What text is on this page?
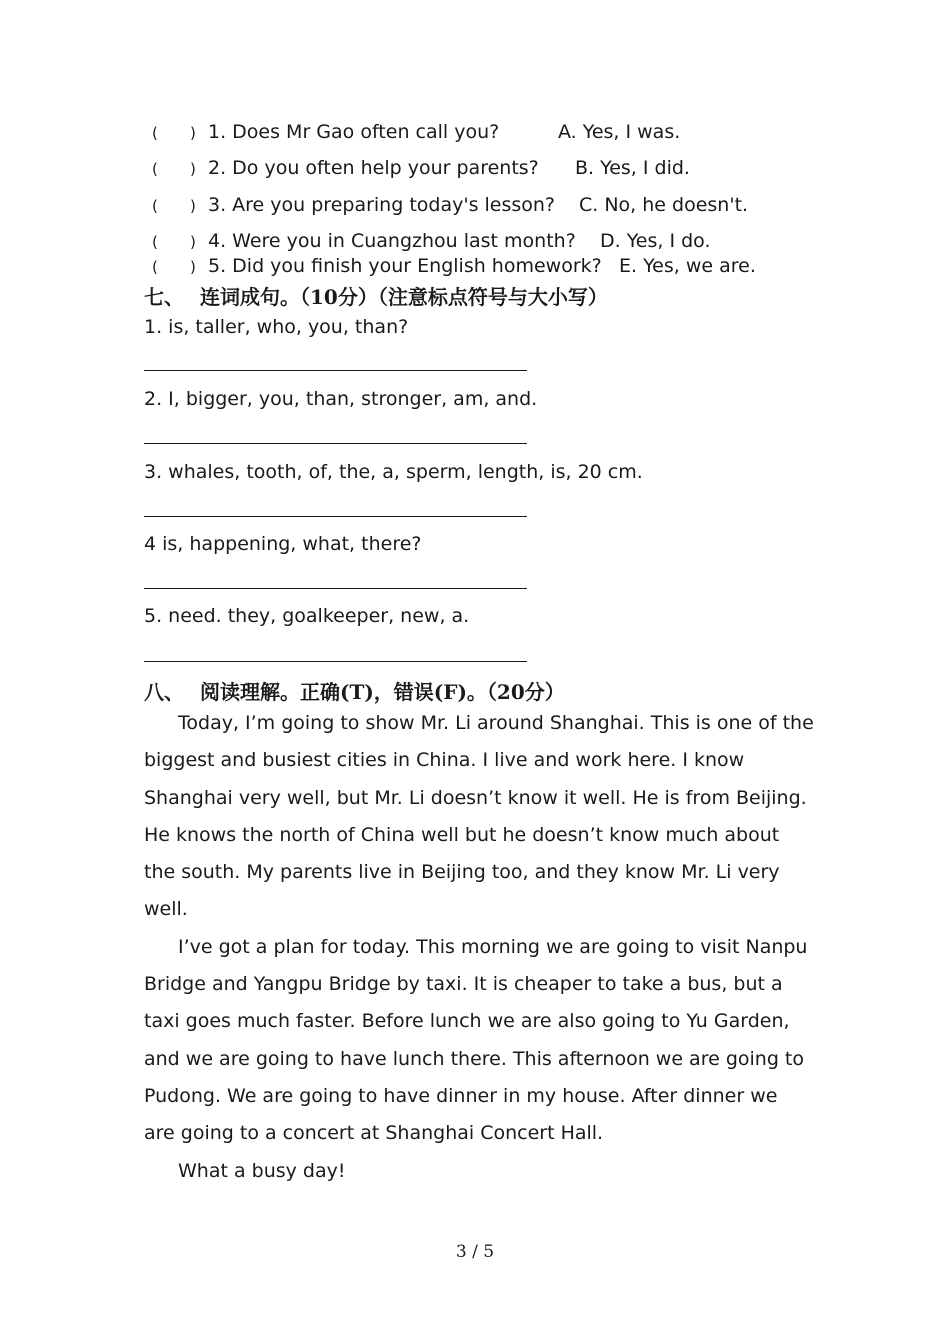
( ) 1. Does Mr Gao often call you?	A. Yes, I was.
( ) 2. Do you often help your parents? B. Yes, I did.
( ) 3. Are you preparing today's lesson? C. No, he doesn't.
( ) 4. Were you in Cuangzhou last month? D. Yes, I do.
( ) 5. Did you finish your English homework? E. Yes, we are.
七、 连词成句。（10分）（注意标点符号与大小写）
1. is, taller, who, you, than?
2. I, bigger, you, than, stronger, am, and.
3. whales, tooth, of, the, a, sperm, length, is, 20 cm.
4 is, happening, what, there?
5. need. they, goalkeeper, new, a.
八、 阅读理解。正确(T)，错误(F)。（20分）

Today, I’m going to show Mr. Li around Shanghai. This is one of the biggest and busiest cities in China. I live and work here. I know Shanghai very well, but Mr. Li doesn’t know it well. He is from Beijing. He knows the north of China well but he doesn’t know much about the south. My parents live in Beijing too, and they know Mr. Li very well.

I’ve got a plan for today. This morning we are going to visit Nanpu Bridge and Yangpu Bridge by taxi. It is cheaper to take a bus, but a taxi goes much faster. Before lunch we are also going to Yu Garden, and we are going to have lunch there. This afternoon we are going to Pudong. We are going to have dinner in my house. After dinner we are going to a concert at Shanghai Concert Hall.

What a busy day!

3 / 5
